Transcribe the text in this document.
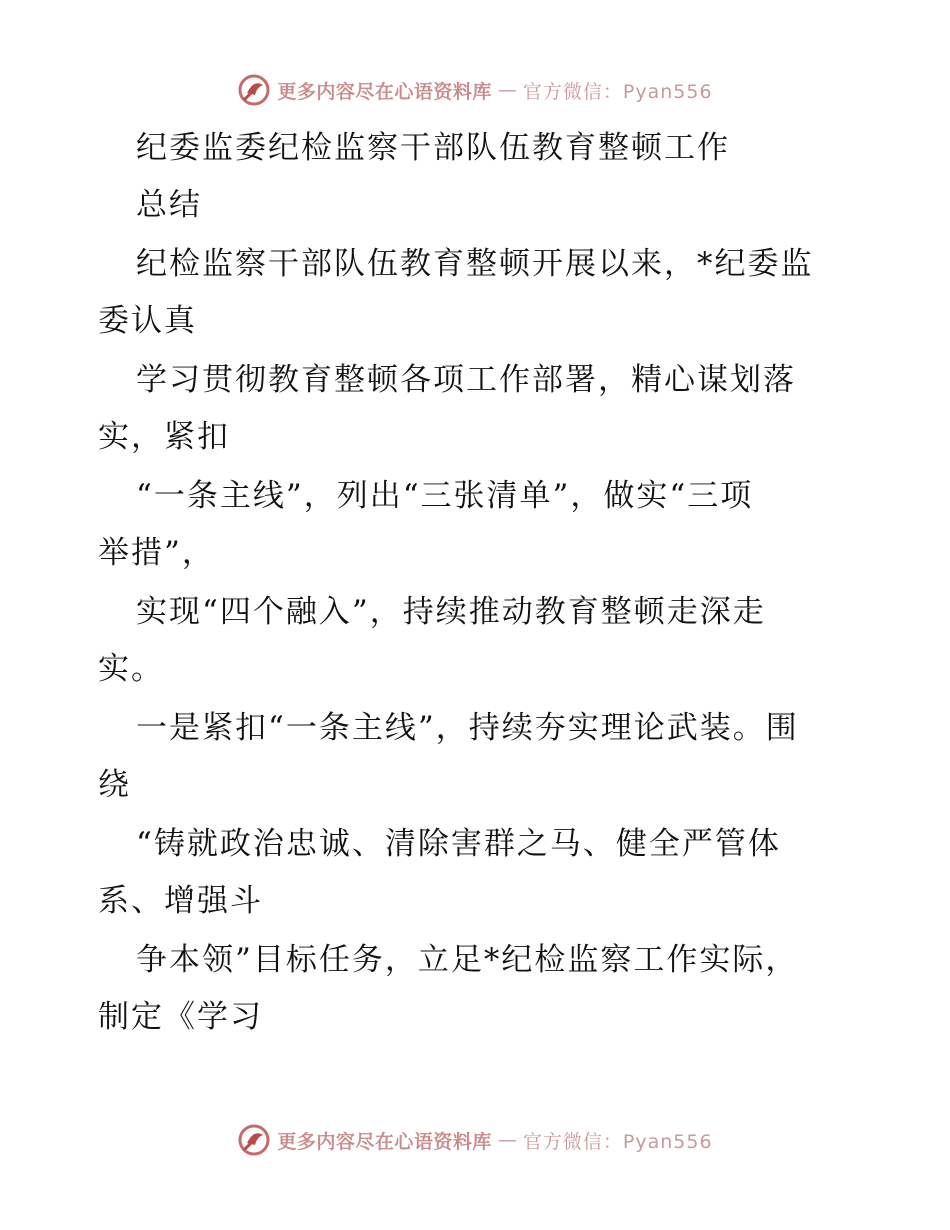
更多内容尽在心语资料库 — 官方微信：Pyan556
纪委监委纪检监察干部队伍教育整顿工作
总结
纪检监察干部队伍教育整顿开展以来，*纪委监
委认真
学习贯彻教育整顿各项工作部署，精心谋划落
实，紧扣
“一条主线”，列出“三张清单”，做实“三项
举措”，
实现“四个融入”，持续推动教育整顿走深走
实。
一是紧扣“一条主线”，持续夯实理论武装。围
绕
“铸就政治忠诚、清除害群之马、健全严管体
系、增强斗
争本领”目标任务，立足*纪检监察工作实际，
制定《学习
更多内容尽在心语资料库 — 官方微信：Pyan556
